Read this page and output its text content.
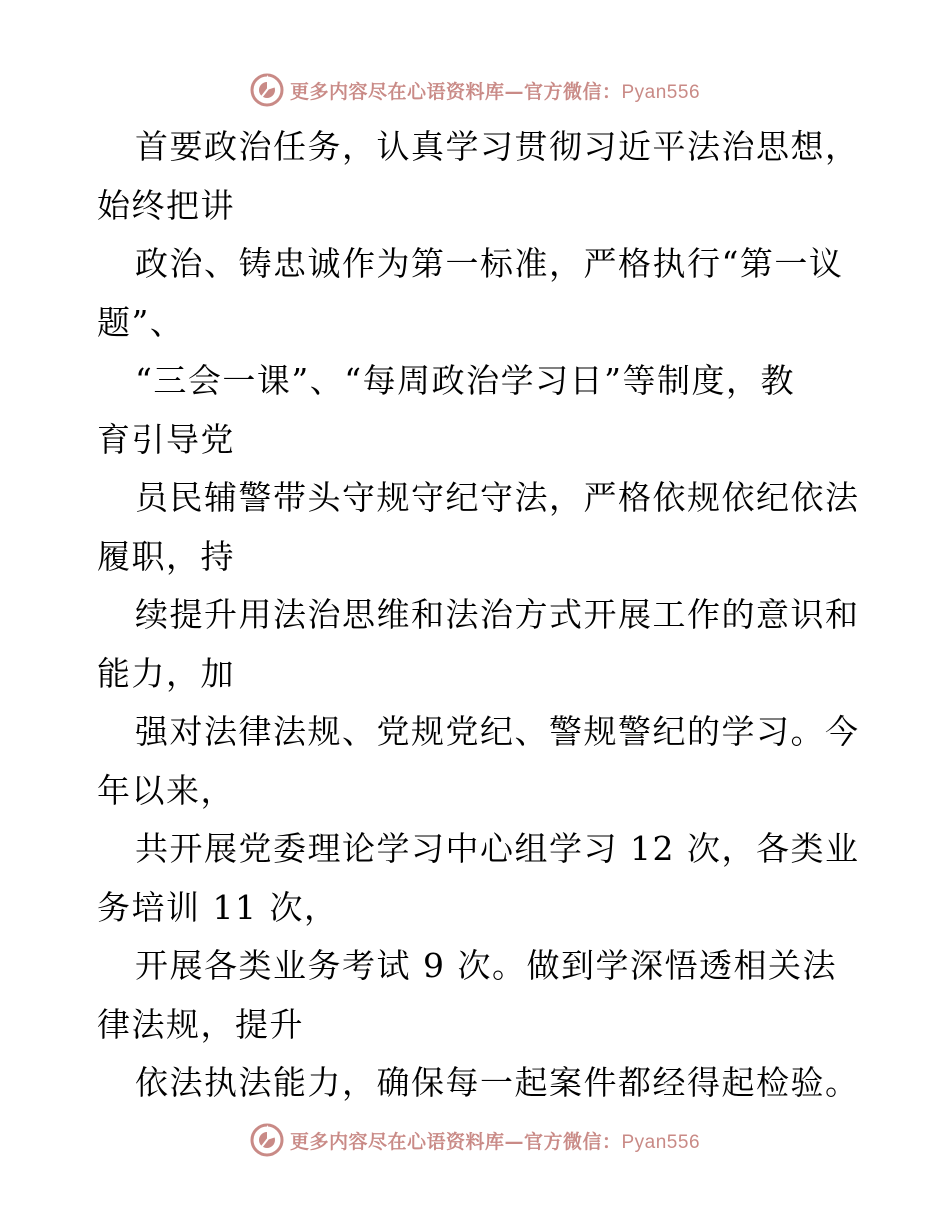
更多内容尽在心语资料库—官方微信：Pyan556
首要政治任务，认真学习贯彻习近平法治思想，
始终把讲
政治、铸忠诚作为第一标准，严格执行“第一议
题”、
“三会一课”、“每周政治学习日”等制度，教
育引导党
员民辅警带头守规守纪守法，严格依规依纪依法
履职，持
续提升用法治思维和法治方式开展工作的意识和
能力，加
强对法律法规、党规党纪、警规警纪的学习。今
年以来，
共开展党委理论学习中心组学习 12 次，各类业
务培训 11 次，
开展各类业务考试 9 次。做到学深悟透相关法
律法规，提升
依法执法能力，确保每一起案件都经得起检验。
更多内容尽在心语资料库—官方微信：Pyan556
